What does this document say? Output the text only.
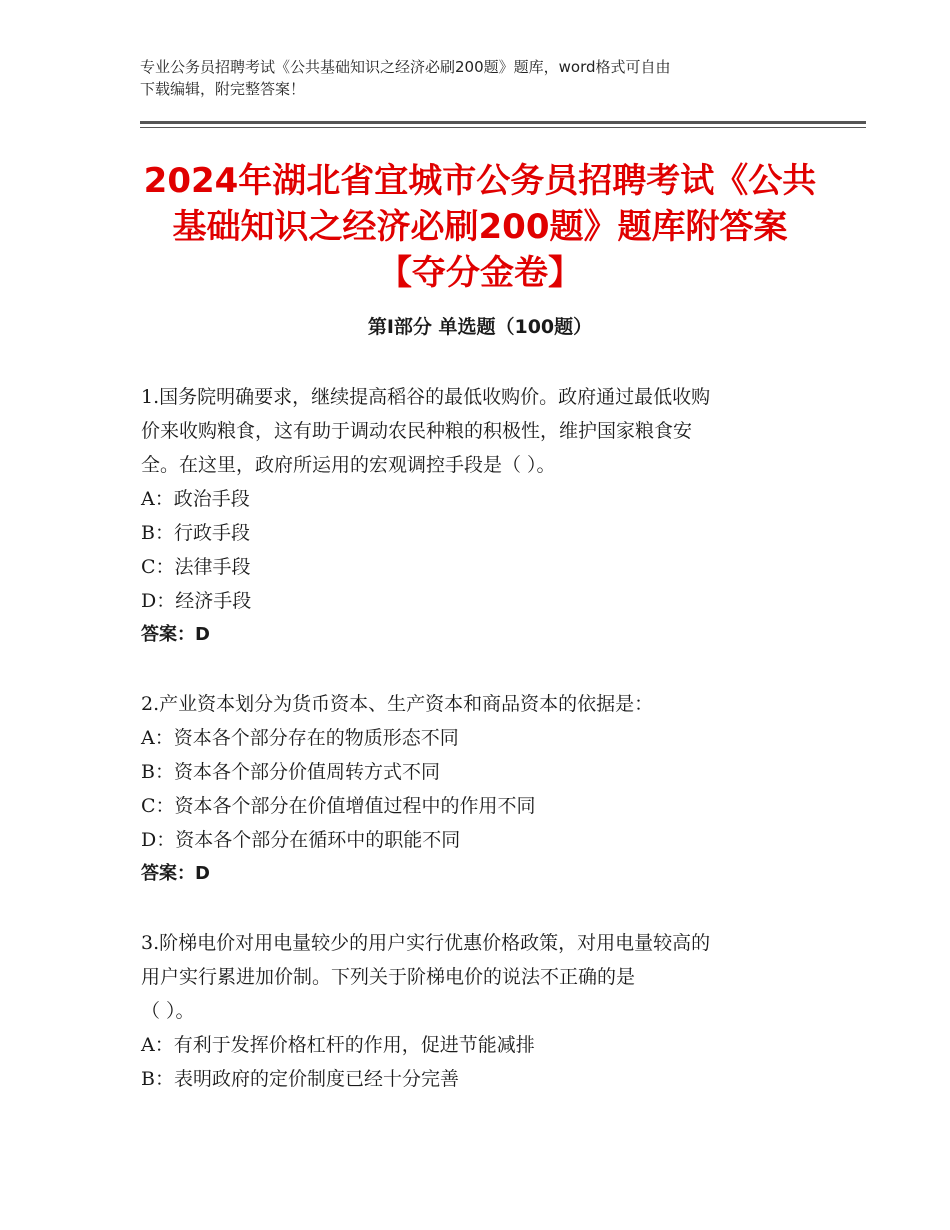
专业公务员招聘考试《公共基础知识之经济必刷200题》题库，word格式可自由
下载编辑，附完整答案！
2024年湖北省宜城市公务员招聘考试《公共
基础知识之经济必刷200题》题库附答案
【夺分金卷】
第Ⅰ部分 单选题（100题）
1.国务院明确要求，继续提高稻谷的最低收购价。政府通过最低收购
价来收购粮食，这有助于调动农民种粮的积极性，维护国家粮食安
全。在这里，政府所运用的宏观调控手段是（ ）。
A：政治手段
B：行政手段
C：法律手段
D：经济手段
答案：D
2.产业资本划分为货币资本、生产资本和商品资本的依据是：
A：资本各个部分存在的物质形态不同
B：资本各个部分价值周转方式不同
C：资本各个部分在价值增值过程中的作用不同
D：资本各个部分在循环中的职能不同
答案：D
3.阶梯电价对用电量较少的用户实行优惠价格政策，对用电量较高的
用户实行累进加价制。下列关于阶梯电价的说法不正确的是
（ ）。
A：有利于发挥价格杠杆的作用，促进节能减排
B：表明政府的定价制度已经十分完善
